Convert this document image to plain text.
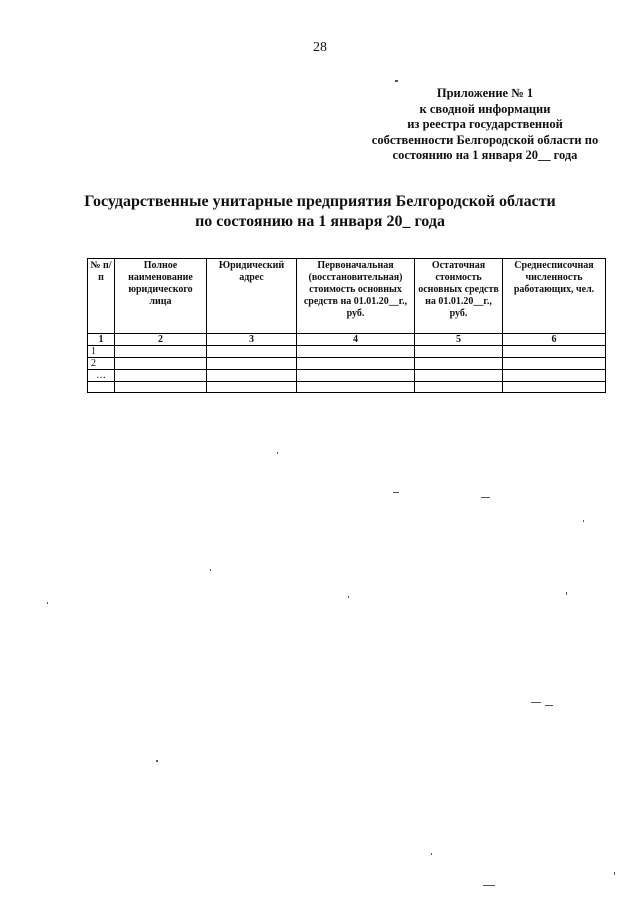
28
Приложение № 1
к сводной информации
из реестра государственной
собственности Белгородской области по
состоянию на 1 января 20__ года
Государственные унитарные предприятия Белгородской области
по состоянию на 1 января 20_ года
№ п/п	Полное наименование юридического лица	Юридический адрес	Первоначальная (восстановительная) стоимость основных средств на 01.01.20__г., руб.	Остаточная стоимость основных средств на 01.01.20__г., руб.	Среднесписочная численность работающих, чел.
1	2	3	4	5	6
1					
2					
…					
